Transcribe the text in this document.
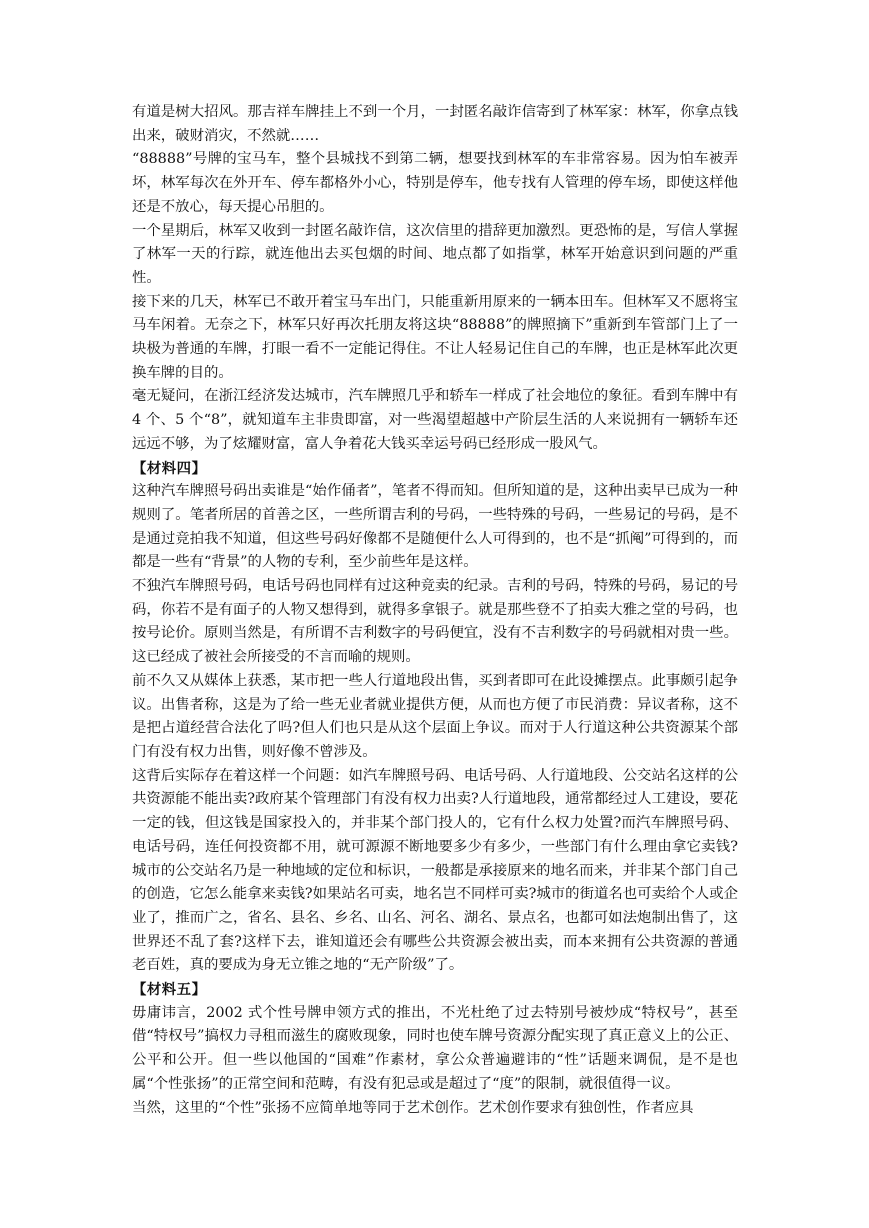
有道是树大招风。那吉祥车牌挂上不到一个月，一封匿名敲诈信寄到了林军家：林军，你拿点钱出来，破财消灾，不然就……

“88888”号牌的宝马车，整个县城找不到第二辆，想要找到林军的车非常容易。因为怕车被弄坏，林军每次在外开车、停车都格外小心，特别是停车，他专找有人管理的停车场，即使这样他还是不放心，每天提心吊胆的。

一个星期后，林军又收到一封匿名敲诈信，这次信里的措辞更加激烈。更恐怖的是，写信人掌握了林军一天的行踪，就连他出去买包烟的时间、地点都了如指掌，林军开始意识到问题的严重性。

接下来的几天，林军已不敢开着宝马车出门，只能重新用原来的一辆本田车。但林军又不愿将宝马车闲着。无奈之下，林军只好再次托朋友将这块“88888”的牌照摘下”重新到车管部门上了一块极为普通的车牌，打眼一看不一定能记得住。不让人轻易记住自己的车牌，也正是林军此次更换车牌的目的。

毫无疑问，在浙江经济发达城市，汽车牌照几乎和轿车一样成了社会地位的象征。看到车牌中有 4 个、5 个“8”，就知道车主非贵即富，对一些渴望超越中产阶层生活的人来说拥有一辆轿车还远远不够，为了炫耀财富，富人争着花大钱买幸运号码已经形成一股风气。

【材料四】

这种汽车牌照号码出卖谁是“始作俑者”，笔者不得而知。但所知道的是，这种出卖早已成为一种规则了。笔者所居的首善之区，一些所谓吉利的号码，一些特殊的号码，一些易记的号码，是不是通过竞拍我不知道，但这些号码好像都不是随便什么人可得到的，也不是“抓阄”可得到的，而都是一些有“背景”的人物的专利，至少前些年是这样。

不独汽车牌照号码，电话号码也同样有过这种竞卖的纪录。吉利的号码，特殊的号码，易记的号码，你若不是有面子的人物又想得到，就得多拿银子。就是那些登不了拍卖大雅之堂的号码，也按号论价。原则当然是，有所谓不吉利数字的号码便宜，没有不吉利数字的号码就相对贵一些。这已经成了被社会所接受的不言而喻的规则。

前不久又从媒体上获悉，某市把一些人行道地段出售，买到者即可在此设摊摆点。此事颇引起争议。出售者称，这是为了给一些无业者就业提供方便，从而也方便了市民消费：异议者称，这不是把占道经营合法化了吗?但人们也只是从这个层面上争议。而对于人行道这种公共资源某个部门有没有权力出售，则好像不曾涉及。

这背后实际存在着这样一个问题：如汽车牌照号码、电话号码、人行道地段、公交站名这样的公共资源能不能出卖?政府某个管理部门有没有权力出卖?人行道地段，通常都经过人工建设，要花一定的钱，但这钱是国家投入的，并非某个部门投人的，它有什么权力处置?而汽车牌照号码、电话号码，连任何投资都不用，就可源源不断地要多少有多少，一些部门有什么理由拿它卖钱?城市的公交站名乃是一种地域的定位和标识，一般都是承接原来的地名而来，并非某个部门自己的创造，它怎么能拿来卖钱?如果站名可卖，地名岂不同样可卖?城市的街道名也可卖给个人或企业了，推而广之，省名、县名、乡名、山名、河名、湖名、景点名，也都可如法炮制出售了，这世界还不乱了套?这样下去，谁知道还会有哪些公共资源会被出卖，而本来拥有公共资源的普通老百姓，真的要成为身无立锥之地的“无产阶级”了。

【材料五】

毋庸讳言，2002 式个性号牌申领方式的推出，不光杜绝了过去特别号被炒成“特权号”，甚至借“特权号”搞权力寻租而滋生的腐败现象，同时也使车牌号资源分配实现了真正意义上的公正、公平和公开。但一些以他国的“国难”作素材，拿公众普遍避讳的“性”话题来调侃，是不是也属“个性张扬”的正常空间和范畴，有没有犯忌或是超过了“度”的限制，就很值得一议。

当然，这里的“个性”张扬不应简单地等同于艺术创作。艺术创作要求有独创性，作者应具
